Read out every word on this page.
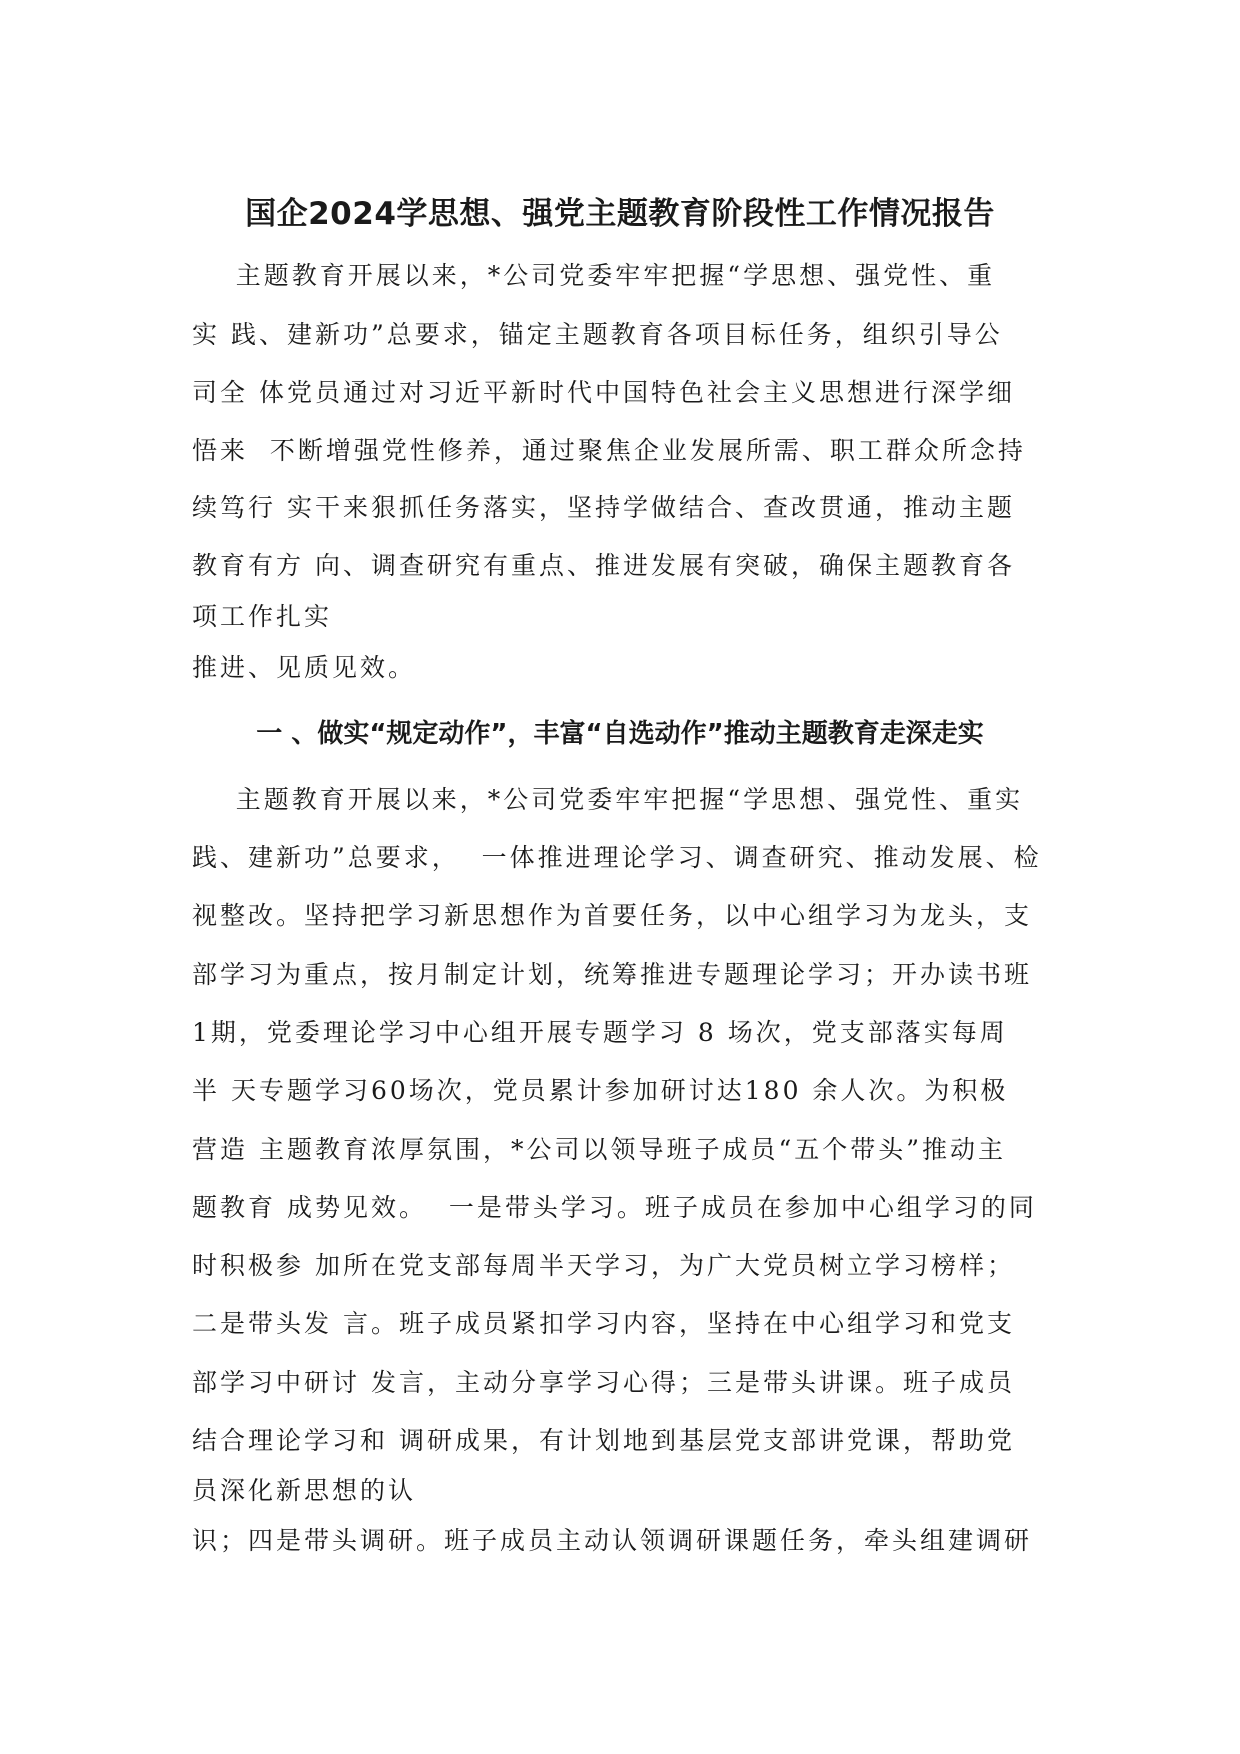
国企2024学思想、强党主题教育阶段性工作情况报告
主题教育开展以来，*公司党委牢牢把握“学思想、强党性、重
实 践、建新功”总要求，锚定主题教育各项目标任务，组织引导公
司全 体党员通过对习近平新时代中国特色社会主义思想进行深学细
悟来  不断增强党性修养，通过聚焦企业发展所需、职工群众所念持
续笃行 实干来狠抓任务落实，坚持学做结合、查改贯通，推动主题
教育有方 向、调查研究有重点、推进发展有突破，确保主题教育各
项工作扎实
推进、见质见效。
一 、做实“规定动作”，丰富“自选动作”推动主题教育走深走实
主题教育开展以来，*公司党委牢牢把握“学思想、强党性、重实
践、建新功”总要求，  一体推进理论学习、调查研究、推动发展、检
视整改。坚持把学习新思想作为首要任务，以中心组学习为龙头，支
部学习为重点，按月制定计划，统筹推进专题理论学习；开办读书班
1期，党委理论学习中心组开展专题学习 8 场次，党支部落实每周
半 天专题学习60场次，党员累计参加研讨达180 余人次。为积极
营造 主题教育浓厚氛围，*公司以领导班子成员“五个带头”推动主
题教育 成势见效。  一是带头学习。班子成员在参加中心组学习的同
时积极参 加所在党支部每周半天学习，为广大党员树立学习榜样；
二是带头发 言。班子成员紧扣学习内容，坚持在中心组学习和党支
部学习中研讨 发言，主动分享学习心得；三是带头讲课。班子成员
结合理论学习和 调研成果，有计划地到基层党支部讲党课，帮助党
员深化新思想的认
识；四是带头调研。班子成员主动认领调研课题任务，牵头组建调研
